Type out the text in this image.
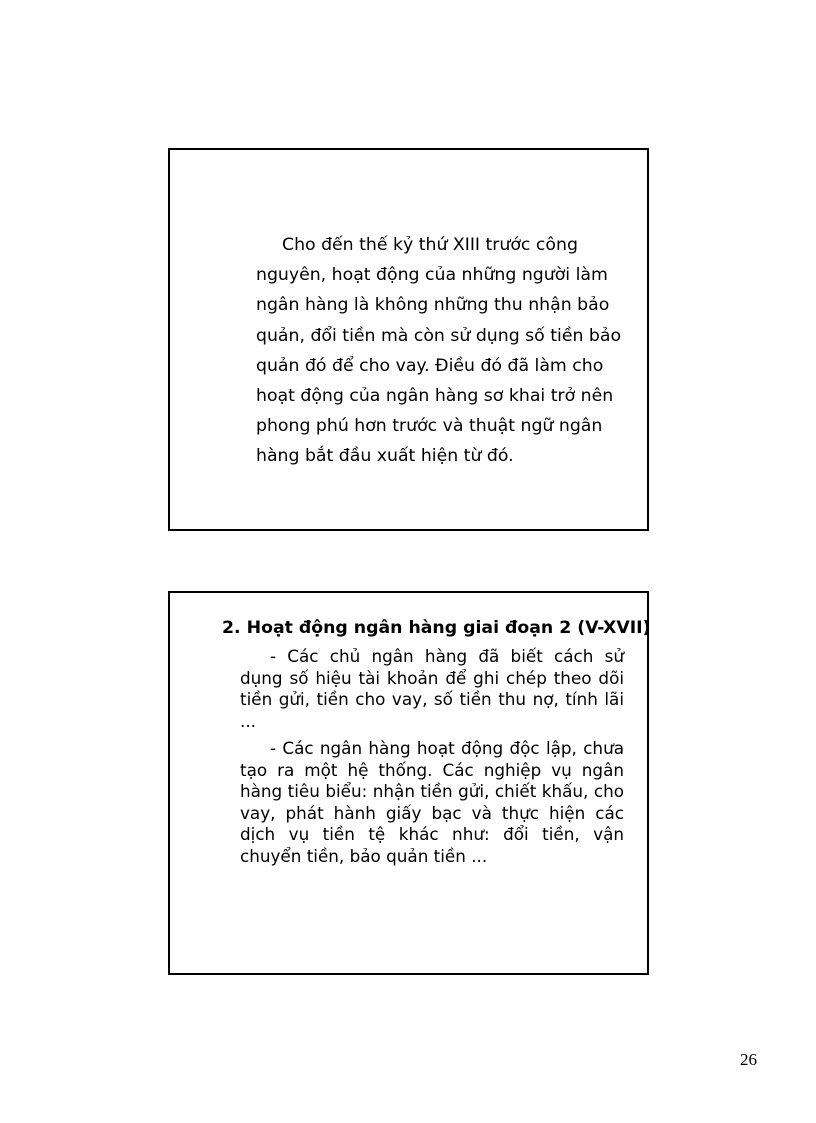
Cho đến thế kỷ thứ XIII trước công nguyên, hoạt động của những người làm ngân hàng là không những thu nhận bảo quản, đổi tiền mà còn sử dụng số tiền bảo quản đó để cho vay. Điều đó đã làm cho hoạt động của ngân hàng sơ khai trở nên phong phú hơn trước và thuật ngữ ngân hàng bắt đầu xuất hiện từ đó.

2. Hoạt động ngân hàng giai đoạn 2 (V-XVII)

- Các chủ ngân hàng đã biết cách sử dụng số hiệu tài khoản để ghi chép theo dõi tiền gửi, tiền cho vay, số tiền thu nợ, tính lãi ...

- Các ngân hàng hoạt động độc lập, chưa tạo ra một hệ thống. Các nghiệp vụ ngân hàng tiêu biểu: nhận tiền gửi, chiết khấu, cho vay, phát hành giấy bạc và thực hiện các dịch vụ tiền tệ khác như: đổi tiền, vận chuyển tiền, bảo quản tiền ...

26
